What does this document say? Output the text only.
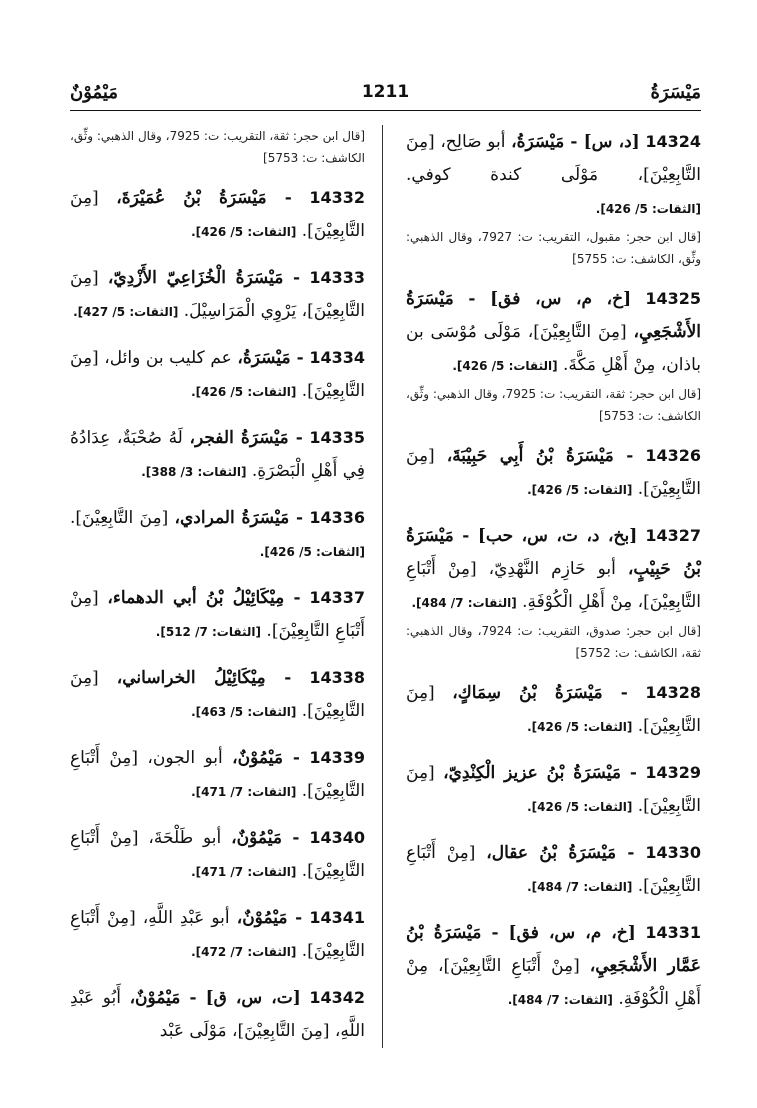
مَيْسَرَةُ
1211
مَيْمُوْنٌ

14324 [د، س] - مَيْسَرَةُ، أبو صَالِح، [مِنَ التَّابِعِيْنَ]، مَوْلَى كندة كوفي. [الثقات: 5/ 426].

[قال ابن حجر: مقبول، التقريب: ت: 7927، وقال الذهبي: وثِّق، الكاشف: ت: 5755]

14325 [خ، م، س، فق] - مَيْسَرَةُ الأَشْجَعِيِ، [مِنَ التَّابِعِيْنَ]، مَوْلَى مُوْسَى بن باذان، مِنْ أَهْلِ مَكَّةَ. [الثقات: 5/ 426].

[قال ابن حجر: ثقة، التقريب: ت: 7925، وقال الذهبي: وثِّق، الكاشف: ت: 5753]

14326 - مَيْسَرَةُ بْنُ أَبِي حَبِيْبَةَ، [مِنَ التَّابِعِيْنَ]. [الثقات: 5/ 426].

14327 [بخ، د، ت، س، حب] - مَيْسَرَةُ بْنُ حَبِيْبٍ، أبو حَازِم النَّهْدِيّ، [مِنْ أَتْبَاعِ التَّابِعِيْنَ]، مِنْ أَهْلِ الْكُوْفَةِ. [الثقات: 7/ 484].

[قال ابن حجر: صدوق، التقريب: ت: 7924، وقال الذهبي: ثقة، الكاشف: ت: 5752]

14328 - مَيْسَرَةُ بْنُ سِمَاكٍ، [مِنَ التَّابِعِيْنَ]. [الثقات: 5/ 426].

14329 - مَيْسَرَةُ بْنُ عزيز الْكِنْدِيّ، [مِنَ التَّابِعِيْنَ]. [الثقات: 5/ 426].

14330 - مَيْسَرَةُ بْنُ عقال، [مِنْ أَتْبَاعِ التَّابِعِيْنَ]. [الثقات: 7/ 484].

14331 [خ، م، س، فق] - مَيْسَرَةُ بْنُ عَمَّار الأَشْجَعِيِ، [مِنْ أَتْبَاعِ التَّابِعِيْنَ]، مِنْ أَهْلِ الْكُوْفَةِ. [الثقات: 7/ 484].

[قال ابن حجر: ثقة، التقريب: ت: 7925، وقال الذهبي: وثِّق، الكاشف: ت: 5753]

14332 - مَيْسَرَةُ بْنُ عُمَيْرَةَ، [مِنَ التَّابِعِيْنَ]. [الثقات: 5/ 426].

14333 - مَيْسَرَةُ الْخُزَاعِيّ الأَزْدِيّ، [مِنَ التَّابِعِيْنَ]، يَرْوِي الْمَرَاسِيْلَ. [الثقات: 5/ 427].

14334 - مَيْسَرَةُ، عم كليب بن وائل، [مِنَ التَّابِعِيْنَ]. [الثقات: 5/ 426].

14335 - مَيْسَرَةُ الفجر، لَهُ صُحْبَةٌ، عِدَادُهُ فِي أَهْلِ الْبَصْرَةِ. [الثقات: 3/ 388].

14336 - مَيْسَرَةُ المرادي، [مِنَ التَّابِعِيْنَ]. [الثقات: 5/ 426].

14337 - مِيْكَائِيْلُ بْنُ أبي الدهماء، [مِنْ أَتْبَاعِ التَّابِعِيْنَ]. [الثقات: 7/ 512].

14338 - مِيْكَائِيْلُ الخراساني، [مِنَ التَّابِعِيْنَ]. [الثقات: 5/ 463].

14339 - مَيْمُوْنٌ، أبو الجون، [مِنْ أَتْبَاعِ التَّابِعِيْنَ]. [الثقات: 7/ 471].

14340 - مَيْمُوْنٌ، أبو طَلْحَةَ، [مِنْ أَتْبَاعِ التَّابِعِيْنَ]. [الثقات: 7/ 471].

14341 - مَيْمُوْنٌ، أبو عَبْدِ اللَّهِ، [مِنْ أَتْبَاعِ التَّابِعِيْنَ]. [الثقات: 7/ 472].

14342 [ت، س، ق] - مَيْمُوْنٌ، أَبُو عَبْدِ اللَّهِ، [مِنَ التَّابِعِيْنَ]، مَوْلَى عَبْد
